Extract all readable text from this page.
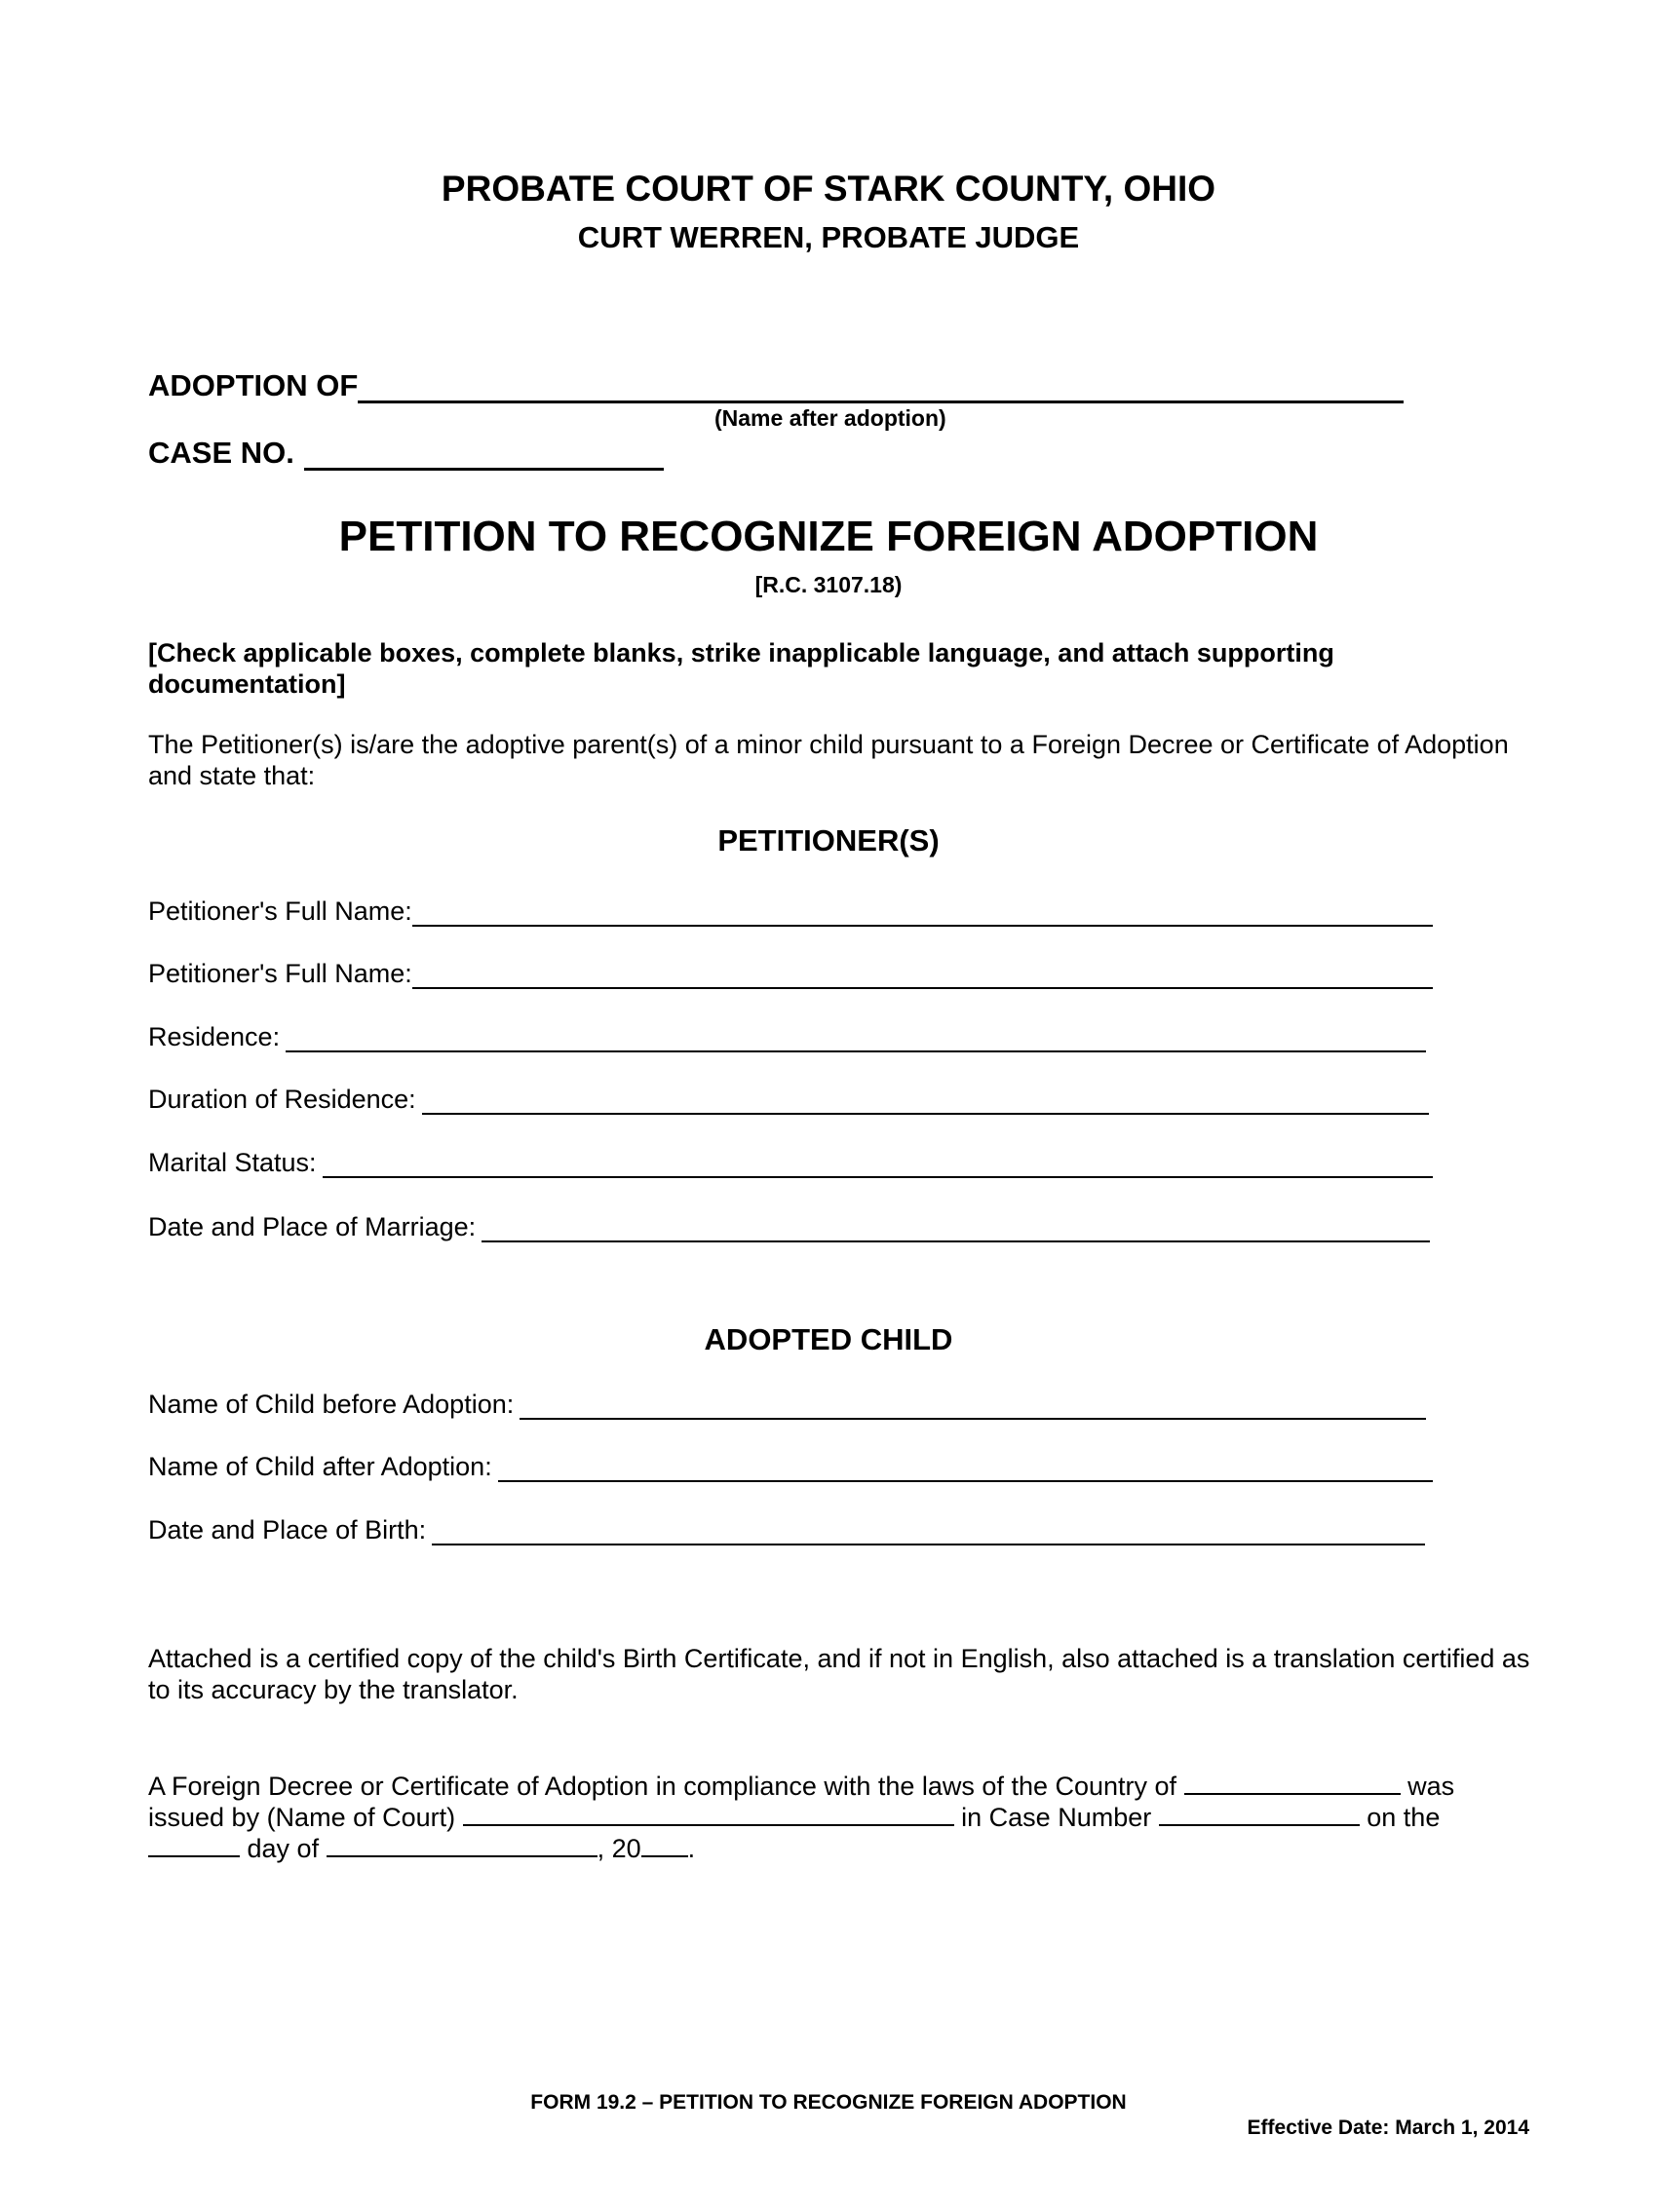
PROBATE COURT OF STARK COUNTY, OHIO
CURT WERREN, PROBATE JUDGE
ADOPTION OF
(Name after adoption)
CASE NO.
PETITION TO RECOGNIZE FOREIGN ADOPTION
[R.C. 3107.18)
[Check applicable boxes, complete blanks, strike inapplicable language, and attach supporting documentation]
The Petitioner(s) is/are the adoptive parent(s) of a minor child pursuant to a Foreign Decree or Certificate of Adoption and state that:
PETITIONER(S)
Petitioner's Full Name:
Petitioner's Full Name:
Residence:
Duration of Residence:
Marital Status:
Date and Place of Marriage:
ADOPTED CHILD
Name of Child before Adoption:
Name of Child after Adoption:
Date and Place of Birth:
Attached is a certified copy of the child's Birth Certificate, and if not in English, also attached is a translation certified as to its accuracy by the translator.
A Foreign Decree or Certificate of Adoption in compliance with the laws of the Country of	was
issued by (Name of Court)	in Case Number	on the
day of	, 20 .
FORM 19.2 – PETITION TO RECOGNIZE FOREIGN ADOPTION
Effective Date: March 1, 2014
